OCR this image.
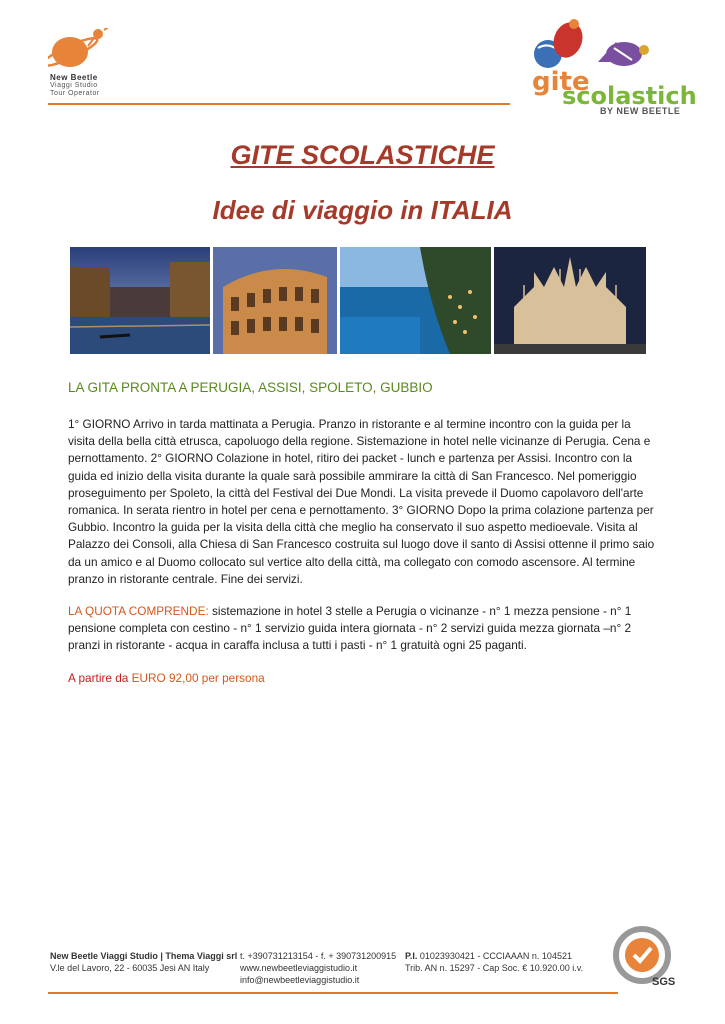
New Beetle
Viaggi Studio
Tour Operator	gite
scolastich
BY NEW BEETLE
GITE SCOLASTICHE
Idee di viaggio in ITALIA
LA GITA PRONTA A PERUGIA, ASSISI, SPOLETO, GUBBIO
1° GIORNO Arrivo in tarda mattinata a Perugia. Pranzo in ristorante e al termine incontro con la guida per la visita della bella città etrusca, capoluogo della regione. Sistemazione in hotel nelle vicinanze di Perugia. Cena e pernottamento. 2° GIORNO Colazione in hotel, ritiro dei packet - lunch e partenza per Assisi. Incontro con la guida ed inizio della visita durante la quale sarà possibile ammirare la città di San Francesco. Nel pomeriggio proseguimento per Spoleto, la città del Festival dei Due Mondi. La visita prevede il Duomo capolavoro dell'arte romanica. In serata rientro in hotel per cena e pernottamento. 3° GIORNO Dopo la prima colazione partenza per Gubbio. Incontro la guida per la visita della città che meglio ha conservato il suo aspetto medioevale. Visita al Palazzo dei Consoli, alla Chiesa di San Francesco costruita sul luogo dove il santo di Assisi ottenne il primo saio da un amico e al Duomo collocato sul vertice alto della città, ma collegato con comodo ascensore. Al termine pranzo in ristorante centrale. Fine dei servizi.
LA QUOTA COMPRENDE: sistemazione in hotel 3 stelle a Perugia o vicinanze - n° 1 mezza pensione - n° 1 pensione completa con cestino - n° 1 servizio guida intera giornata - n° 2 servizi guida mezza giornata –n° 2 pranzi in ristorante - acqua in caraffa inclusa a tutti i pasti - n° 1 gratuità ogni 25 paganti.
A partire da EURO 92,00 per persona
New Beetle Viaggi Studio | Thema Viaggi srl
V.le del Lavoro, 22 - 60035 Jesi AN Italy
t. +390731213154 - f. + 390731200915
www.newbeetleviaggistudio.it
info@newbeetleviaggistudio.it
P.I. 01023930421 - CCCIAAAN n. 104521
Trib. AN n. 15297 - Cap Soc. € 10.920.00 i.v.
SGS
